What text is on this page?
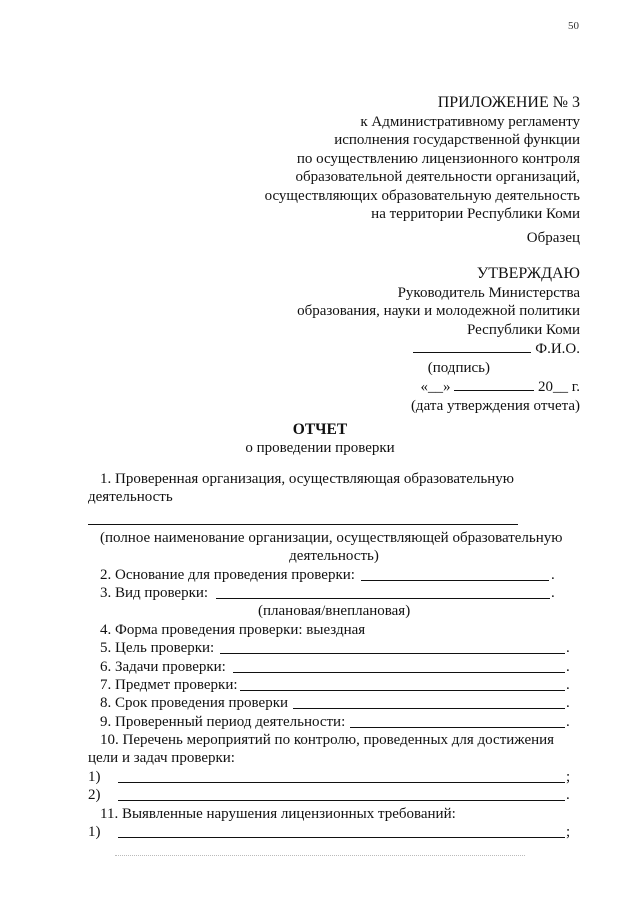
50
ПРИЛОЖЕНИЕ № 3
к Административному регламенту
исполнения государственной функции
по осуществлению лицензионного контроля
образовательной деятельности организаций,
осуществляющих образовательную деятельность
на территории Республики Коми
Образец
УТВЕРЖДАЮ
Руководитель Министерства
образования, науки и молодежной политики
Республики Коми
Ф.И.О.
(подпись)
«__»	20__ г.
(дата утверждения отчета)
ОТЧЕТ
о проведении проверки
1. Проверенная организация, осуществляющая образовательную
деятельность
(полное наименование организации, осуществляющей образовательную
деятельность)
2. Основание для проведения проверки:	.
3. Вид проверки:	.
(плановая/внеплановая)
4. Форма проведения проверки: выездная
5. Цель проверки:	.
6. Задачи проверки:	.
7. Предмет проверки:	.
8. Срок проведения проверки	.
9. Проверенный период деятельности:	.
10. Перечень мероприятий по контролю, проведенных для достижения
цели и задач проверки:
1)	;
2)	.
11. Выявленные нарушения лицензионных требований:
1)	;
